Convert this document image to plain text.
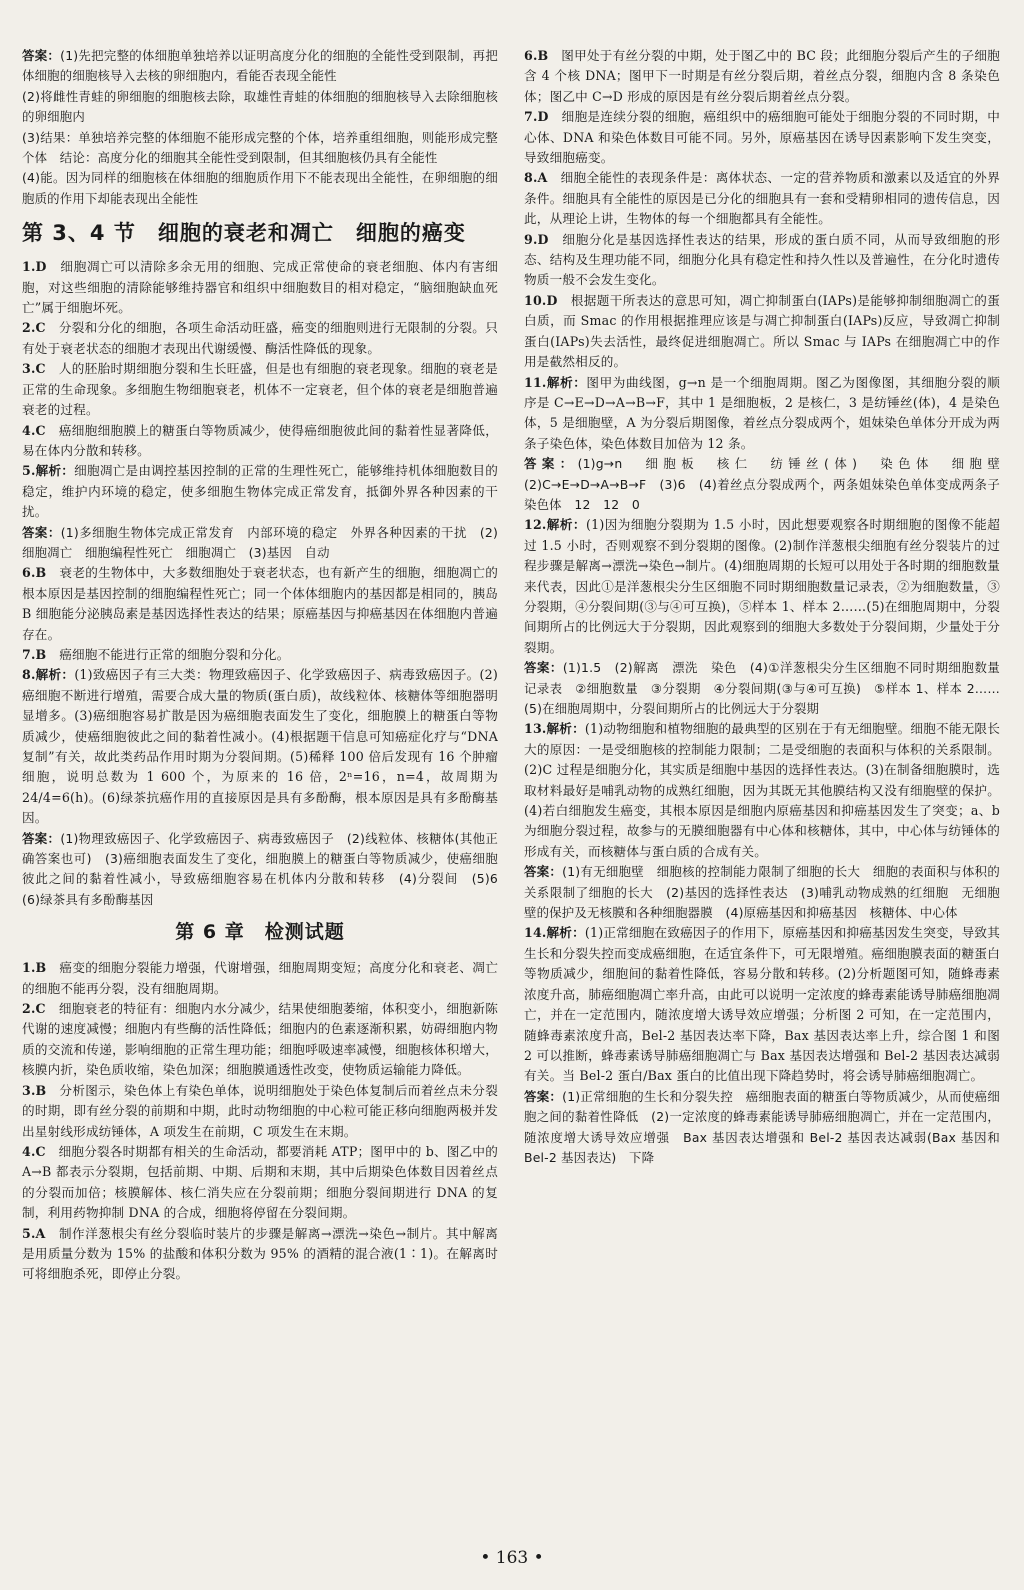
答案：(1)先把完整的体细胞单独培养以证明高度分化的细胞的全能性受到限制，再把体细胞的细胞核导入去核的卵细胞内，看能否表现全能性

(2)将雌性青蛙的卵细胞的细胞核去除，取雄性青蛙的体细胞的细胞核导入去除细胞核的卵细胞内

(3)结果：单独培养完整的体细胞不能形成完整的个体，培养重组细胞，则能形成完整个体　结论：高度分化的细胞其全能性受到限制，但其细胞核仍具有全能性

(4)能。因为同样的细胞核在体细胞的细胞质作用下不能表现出全能性，在卵细胞的细胞质的作用下却能表现出全能性

第 3、4 节　细胞的衰老和凋亡　细胞的癌变

1.D　细胞凋亡可以清除多余无用的细胞、完成正常使命的衰老细胞、体内有害细胞，对这些细胞的清除能够维持器官和组织中细胞数目的相对稳定，“脑细胞缺血死亡”属于细胞坏死。

2.C　分裂和分化的细胞，各项生命活动旺盛，癌变的细胞则进行无限制的分裂。只有处于衰老状态的细胞才表现出代谢缓慢、酶活性降低的现象。

3.C　人的胚胎时期细胞分裂和生长旺盛，但是也有细胞的衰老现象。细胞的衰老是正常的生命现象。多细胞生物细胞衰老，机体不一定衰老，但个体的衰老是细胞普遍衰老的过程。

4.C　癌细胞细胞膜上的糖蛋白等物质减少，使得癌细胞彼此间的黏着性显著降低，易在体内分散和转移。

5.解析：细胞凋亡是由调控基因控制的正常的生理性死亡，能够维持机体细胞数目的稳定，维护内环境的稳定，使多细胞生物体完成正常发育，抵御外界各种因素的干扰。

答案：(1)多细胞生物体完成正常发育　内部环境的稳定　外界各种因素的干扰　(2)细胞凋亡　细胞编程性死亡　细胞凋亡　(3)基因　自动

6.B　衰老的生物体中，大多数细胞处于衰老状态，也有新产生的细胞，细胞凋亡的根本原因是基因控制的细胞编程性死亡；同一个体体细胞内的基因都是相同的，胰岛 B 细胞能分泌胰岛素是基因选择性表达的结果；原癌基因与抑癌基因在体细胞内普遍存在。

7.B　癌细胞不能进行正常的细胞分裂和分化。

8.解析：(1)致癌因子有三大类：物理致癌因子、化学致癌因子、病毒致癌因子。(2)癌细胞不断进行增殖，需要合成大量的物质(蛋白质)，故线粒体、核糖体等细胞器明显增多。(3)癌细胞容易扩散是因为癌细胞表面发生了变化，细胞膜上的糖蛋白等物质减少，使癌细胞彼此之间的黏着性减小。(4)根据题干信息可知癌症化疗与“DNA复制”有关，故此类药品作用时期为分裂间期。(5)稀释 100 倍后发现有 16 个肿瘤细胞，说明总数为 1 600 个，为原来的 16 倍，2ⁿ=16，n=4，故周期为 24/4=6(h)。(6)绿茶抗癌作用的直接原因是具有多酚酶，根本原因是具有多酚酶基因。

答案：(1)物理致癌因子、化学致癌因子、病毒致癌因子　(2)线粒体、核糖体(其他正确答案也可)　(3)癌细胞表面发生了变化，细胞膜上的糖蛋白等物质减少，使癌细胞彼此之间的黏着性减小，导致癌细胞容易在机体内分散和转移　(4)分裂间　(5)6　(6)绿茶具有多酚酶基因

第 6 章　检测试题

1.B　癌变的细胞分裂能力增强，代谢增强，细胞周期变短；高度分化和衰老、凋亡的细胞不能再分裂，没有细胞周期。

2.C　细胞衰老的特征有：细胞内水分减少，结果使细胞萎缩，体积变小，细胞新陈代谢的速度减慢；细胞内有些酶的活性降低；细胞内的色素逐渐积累，妨碍细胞内物质的交流和传递，影响细胞的正常生理功能；细胞呼吸速率减慢，细胞核体积增大，核膜内折，染色质收缩，染色加深；细胞膜通透性改变，使物质运输能力降低。

3.B　分析图示，染色体上有染色单体，说明细胞处于染色体复制后而着丝点未分裂的时期，即有丝分裂的前期和中期，此时动物细胞的中心粒可能正移向细胞两极并发出星射线形成纺锤体，A 项发生在前期，C 项发生在末期。

4.C　细胞分裂各时期都有相关的生命活动，都要消耗 ATP；图甲中的 b、图乙中的 A→B 都表示分裂期，包括前期、中期、后期和末期，其中后期染色体数目因着丝点的分裂而加倍；核膜解体、核仁消失应在分裂前期；细胞分裂间期进行 DNA 的复制，利用药物抑制 DNA 的合成，细胞将停留在分裂间期。

5.A　制作洋葱根尖有丝分裂临时装片的步骤是解离→漂洗→染色→制片。其中解离是用质量分数为 15% 的盐酸和体积分数为 95% 的酒精的混合液(1∶1)。在解离时可将细胞杀死，即停止分裂。

6.B　图甲处于有丝分裂的中期，处于图乙中的 BC 段；此细胞分裂后产生的子细胞含 4 个核 DNA；图甲下一时期是有丝分裂后期，着丝点分裂，细胞内含 8 条染色体；图乙中 C→D 形成的原因是有丝分裂后期着丝点分裂。

7.D　细胞是连续分裂的细胞，癌组织中的癌细胞可能处于细胞分裂的不同时期，中心体、DNA 和染色体数目可能不同。另外，原癌基因在诱导因素影响下发生突变，导致细胞癌变。

8.A　细胞全能性的表现条件是：离体状态、一定的营养物质和激素以及适宜的外界条件。细胞具有全能性的原因是已分化的细胞具有一套和受精卵相同的遗传信息，因此，从理论上讲，生物体的每一个细胞都具有全能性。

9.D　细胞分化是基因选择性表达的结果，形成的蛋白质不同，从而导致细胞的形态、结构及生理功能不同，细胞分化具有稳定性和持久性以及普遍性，在分化时遗传物质一般不会发生变化。

10.D　根据题干所表达的意思可知，凋亡抑制蛋白(IAPs)是能够抑制细胞凋亡的蛋白质，而 Smac 的作用根据推理应该是与凋亡抑制蛋白(IAPs)反应，导致凋亡抑制蛋白(IAPs)失去活性，最终促进细胞凋亡。所以 Smac 与 IAPs 在细胞凋亡中的作用是截然相反的。

11.解析：图甲为曲线图，g→n 是一个细胞周期。图乙为图像图，其细胞分裂的顺序是 C→E→D→A→B→F，其中 1 是细胞板，2 是核仁，3 是纺锤丝(体)，4 是染色体，5 是细胞壁，A 为分裂后期图像，着丝点分裂成两个，姐妹染色单体分开成为两条子染色体，染色体数目加倍为 12 条。

答案：(1)g→n　细胞板　核仁　纺锤丝(体)　染色体　细胞壁　(2)C→E→D→A→B→F　(3)6　(4)着丝点分裂成两个，两条姐妹染色单体变成两条子染色体　12　12　0

12.解析：(1)因为细胞分裂期为 1.5 小时，因此想要观察各时期细胞的图像不能超过 1.5 小时，否则观察不到分裂期的图像。(2)制作洋葱根尖细胞有丝分裂装片的过程步骤是解离→漂洗→染色→制片。(4)细胞周期的长短可以用处于各时期的细胞数量来代表，因此①是洋葱根尖分生区细胞不同时期细胞数量记录表，②为细胞数量，③分裂期，④分裂间期(③与④可互换)，⑤样本 1、样本 2……(5)在细胞周期中，分裂间期所占的比例远大于分裂期，因此观察到的细胞大多数处于分裂间期，少量处于分裂期。

答案：(1)1.5　(2)解离　漂洗　染色　(4)①洋葱根尖分生区细胞不同时期细胞数量记录表　②细胞数量　③分裂期　④分裂间期(③与④可互换)　⑤样本 1、样本 2……　(5)在细胞周期中，分裂间期所占的比例远大于分裂期

13.解析：(1)动物细胞和植物细胞的最典型的区别在于有无细胞壁。细胞不能无限长大的原因：一是受细胞核的控制能力限制；二是受细胞的表面积与体积的关系限制。(2)C 过程是细胞分化，其实质是细胞中基因的选择性表达。(3)在制备细胞膜时，选取材料最好是哺乳动物的成熟红细胞，因为其既无其他膜结构又没有细胞壁的保护。(4)若白细胞发生癌变，其根本原因是细胞内原癌基因和抑癌基因发生了突变；a、b 为细胞分裂过程，故参与的无膜细胞器有中心体和核糖体，其中，中心体与纺锤体的形成有关，而核糖体与蛋白质的合成有关。

答案：(1)有无细胞壁　细胞核的控制能力限制了细胞的长大　细胞的表面积与体积的关系限制了细胞的长大　(2)基因的选择性表达　(3)哺乳动物成熟的红细胞　无细胞壁的保护及无核膜和各种细胞器膜　(4)原癌基因和抑癌基因　核糖体、中心体

14.解析：(1)正常细胞在致癌因子的作用下，原癌基因和抑癌基因发生突变，导致其生长和分裂失控而变成癌细胞，在适宜条件下，可无限增殖。癌细胞膜表面的糖蛋白等物质减少，细胞间的黏着性降低，容易分散和转移。(2)分析题图可知，随蜂毒素浓度升高，肺癌细胞凋亡率升高，由此可以说明一定浓度的蜂毒素能诱导肺癌细胞凋亡，并在一定范围内，随浓度增大诱导效应增强；分析图 2 可知，在一定范围内，随蜂毒素浓度升高，Bel-2 基因表达率下降，Bax 基因表达率上升，综合图 1 和图 2 可以推断，蜂毒素诱导肺癌细胞凋亡与 Bax 基因表达增强和 Bel-2 基因表达减弱有关。当 Bel-2 蛋白/Bax 蛋白的比值出现下降趋势时，将会诱导肺癌细胞凋亡。

答案：(1)正常细胞的生长和分裂失控　癌细胞表面的糖蛋白等物质减少，从而使癌细胞之间的黏着性降低　(2)一定浓度的蜂毒素能诱导肺癌细胞凋亡，并在一定范围内，随浓度增大诱导效应增强　Bax 基因表达增强和 Bel-2 基因表达减弱(Bax 基因和 Bel-2 基因表达)　下降

• 163 •
